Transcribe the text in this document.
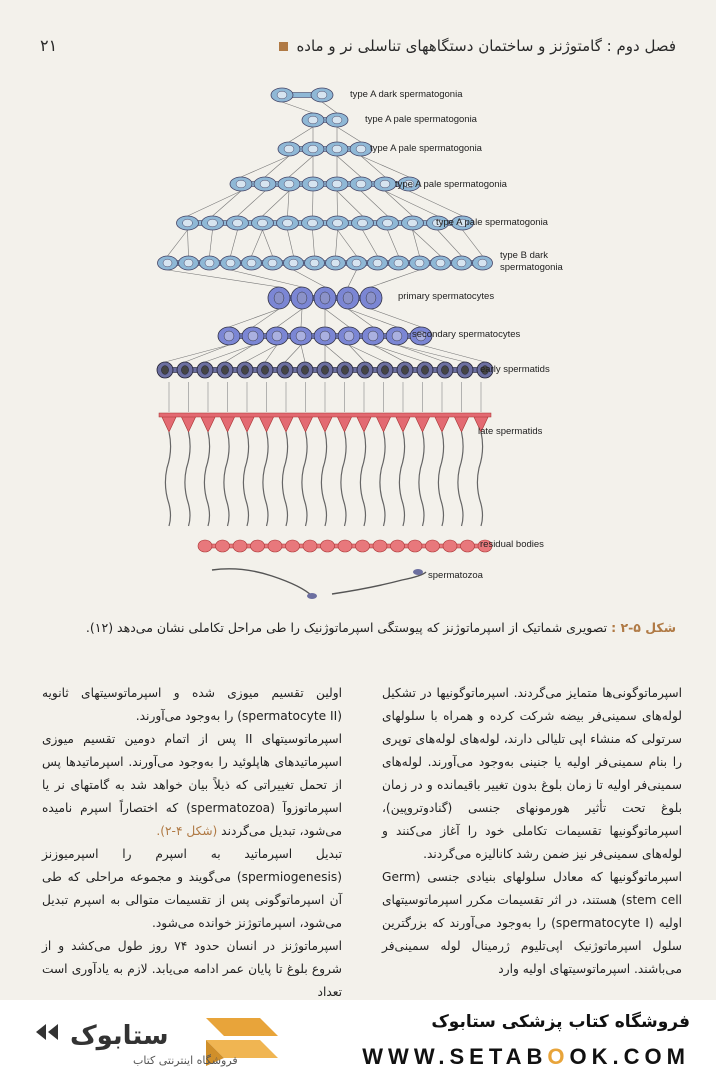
فصل دوم : گامتوژنز و ساختمان دستگاههای تناسلی نر و ماده
۲۱
type A dark spermatogonia
type A pale spermatogonia
type A pale spermatogonia
type A pale spermatogonia
type A pale spermatogonia
type B dark
spermatogonia
primary spermatocytes
secondary spermatocytes
early spermatids
late spermatids
residual bodies
spermatozoa
شکل ۵-۲ : تصویری شماتیک از اسپرماتوژنز که پیوستگی اسپرماتوژنیک را طی مراحل تکاملی نشان می‌دهد (۱۲).

اسپرماتوگونی‌ها متمایز می‌گردند. اسپرماتوگونیها در تشکیل لوله‌های سمینی‌فر بیضه شرکت کرده و همراه با سلولهای سرتولی که منشاء اپی تلیالی دارند، لوله‌های لوله‌های توپری را بنام سمینی‌فر اولیه یا جنینی به‌وجود می‌آورند. لوله‌های سمینی‌فر اولیه تا زمان بلوغ بدون تغییر باقیمانده و در زمان بلوغ تحت تأثیر هورمونهای جنسی (گنادوتروپین)، اسپرماتوگونیها تقسیمات تکاملی خود را آغاز می‌کنند و لوله‌های سمینی‌فر نیز ضمن رشد کانالیزه می‌گردند.

اسپرماتوگونیها که معادل سلولهای بنیادی جنسی (Germ stem cell) هستند، در اثر تقسیمات مکرر اسپرماتوسیتهای اولیه (spermatocyte I) را به‌وجود می‌آورند که بزرگترین سلول اسپرماتوژنیک اپی‌تلیوم ژرمینال لوله سمینی‌فر می‌باشند. اسپرماتوسیتهای اولیه وارد

اولین تقسیم میوزی شده و اسپرماتوسیتهای ثانویه (spermatocyte II) را به‌وجود می‌آورند.

اسپرماتوسیتهای II پس از اتمام دومین تقسیم میوزی اسپرماتیدهای هاپلوئید را به‌وجود می‌آورند. اسپرماتیدها پس از تحمل تغییراتی که ذیلاً بیان خواهد شد به گامتهای نر یا اسپرماتوزوآ (spermatozoa) که اختصاراً اسپرم نامیده می‌شود، تبدیل می‌گردند (شکل ۴-۲).

تبدیل اسپرماتید به اسپرم را اسپرمیوزنز (spermiogenesis) می‌گویند و مجموعه مراحلی که طی آن اسپرماتوگونی پس از تقسیمات متوالی به اسپرم تبدیل می‌شود، اسپرماتوژنز خوانده می‌شود.

اسپرماتوژنز در انسان حدود ۷۴ روز طول می‌کشد و از شروع بلوغ تا پایان عمر ادامه می‌یابد. لازم به یادآوری است تعداد

ستابوک
فروشگاه اینترنتی کتاب
فروشگاه کتاب پزشکی ستابوک
WWW.SETABOOK.COM
